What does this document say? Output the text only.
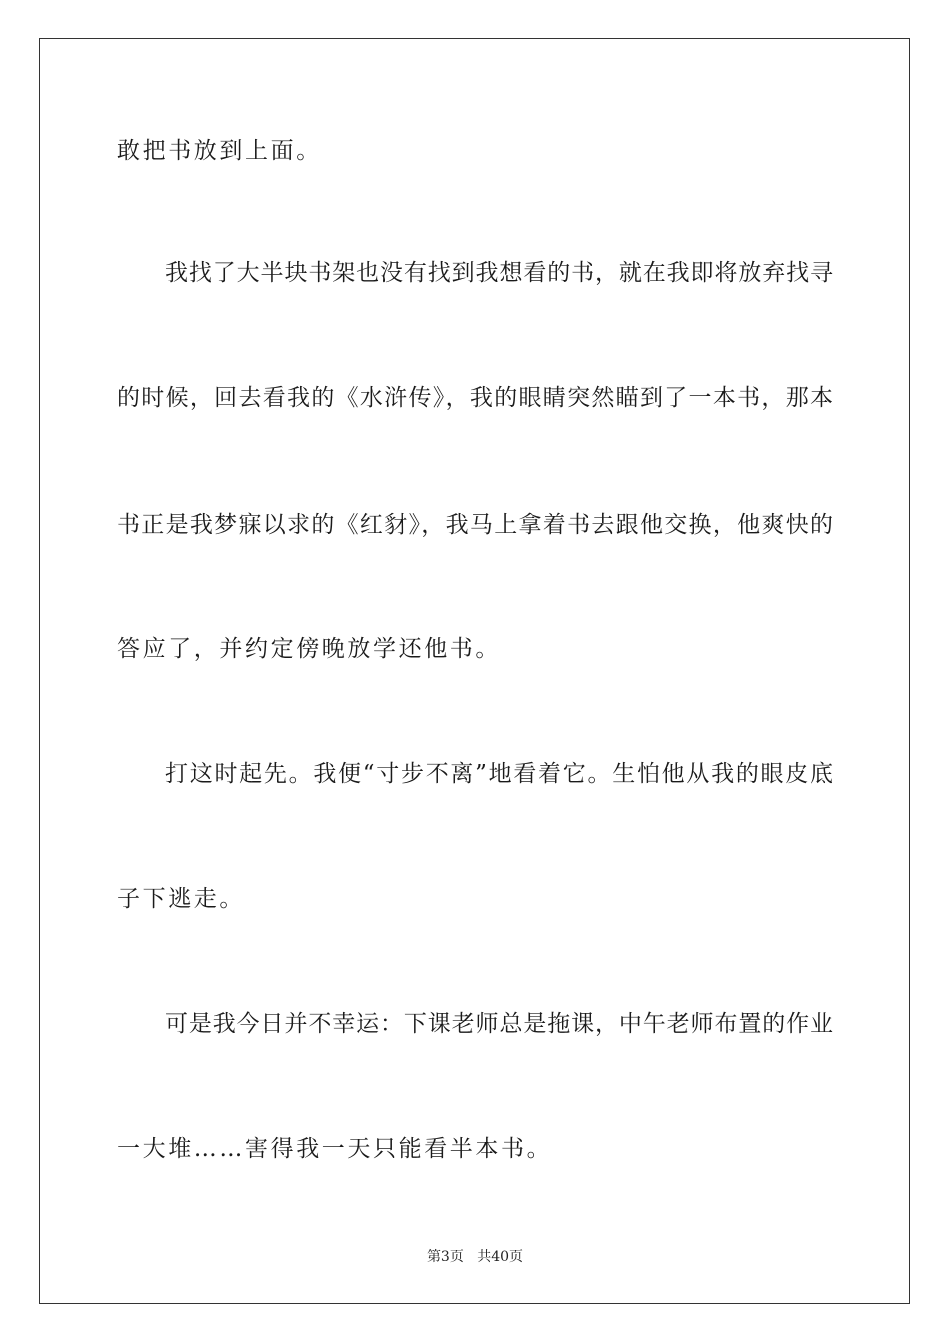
敢把书放到上面。
我找了大半块书架也没有找到我想看的书，就在我即将放弃找寻
的时候，回去看我的《水浒传》，我的眼睛突然瞄到了一本书，那本
书正是我梦寐以求的《红豺》，我马上拿着书去跟他交换，他爽快的
答应了，并约定傍晚放学还他书。
打这时起先。我便“寸步不离”地看着它。生怕他从我的眼皮底
子下逃走。
可是我今日并不幸运：下课老师总是拖课，中午老师布置的作业
一大堆……害得我一天只能看半本书。
第3页 共40页
